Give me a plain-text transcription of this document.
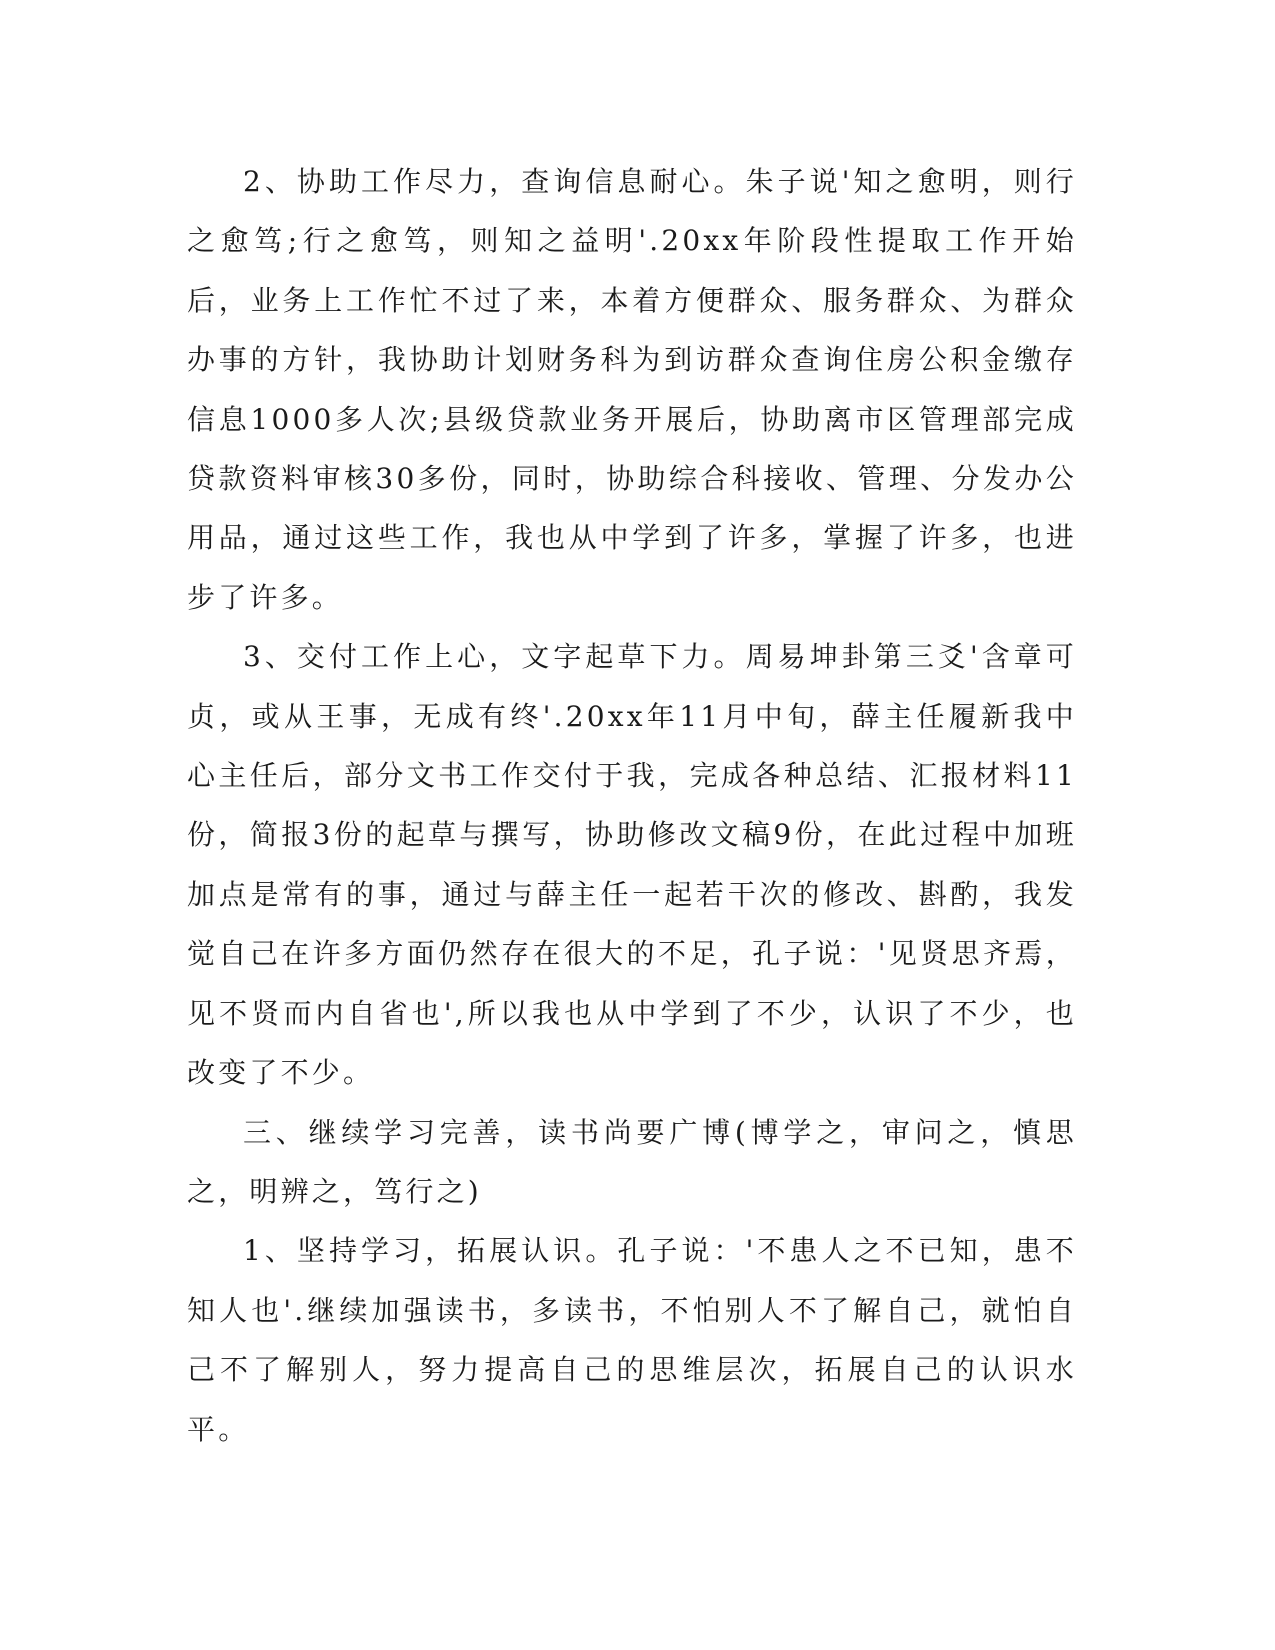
2、协助工作尽力，查询信息耐心。朱子说'知之愈明，则行之愈笃;行之愈笃，则知之益明'.20xx年阶段性提取工作开始后，业务上工作忙不过了来，本着方便群众、服务群众、为群众办事的方针，我协助计划财务科为到访群众查询住房公积金缴存信息1000多人次;县级贷款业务开展后，协助离市区管理部完成贷款资料审核30多份，同时，协助综合科接收、管理、分发办公用品，通过这些工作，我也从中学到了许多，掌握了许多，也进步了许多。

3、交付工作上心，文字起草下力。周易坤卦第三爻'含章可贞，或从王事，无成有终'.20xx年11月中旬，薛主任履新我中心主任后，部分文书工作交付于我，完成各种总结、汇报材料11份，简报3份的起草与撰写，协助修改文稿9份，在此过程中加班加点是常有的事，通过与薛主任一起若干次的修改、斟酌，我发觉自己在许多方面仍然存在很大的不足，孔子说：'见贤思齐焉，见不贤而内自省也',所以我也从中学到了不少，认识了不少，也改变了不少。

三、继续学习完善，读书尚要广博(博学之，审问之，慎思之，明辨之，笃行之)

1、坚持学习，拓展认识。孔子说：'不患人之不已知，患不知人也'.继续加强读书，多读书，不怕别人不了解自己，就怕自己不了解别人，努力提高自己的思维层次，拓展自己的认识水平。
